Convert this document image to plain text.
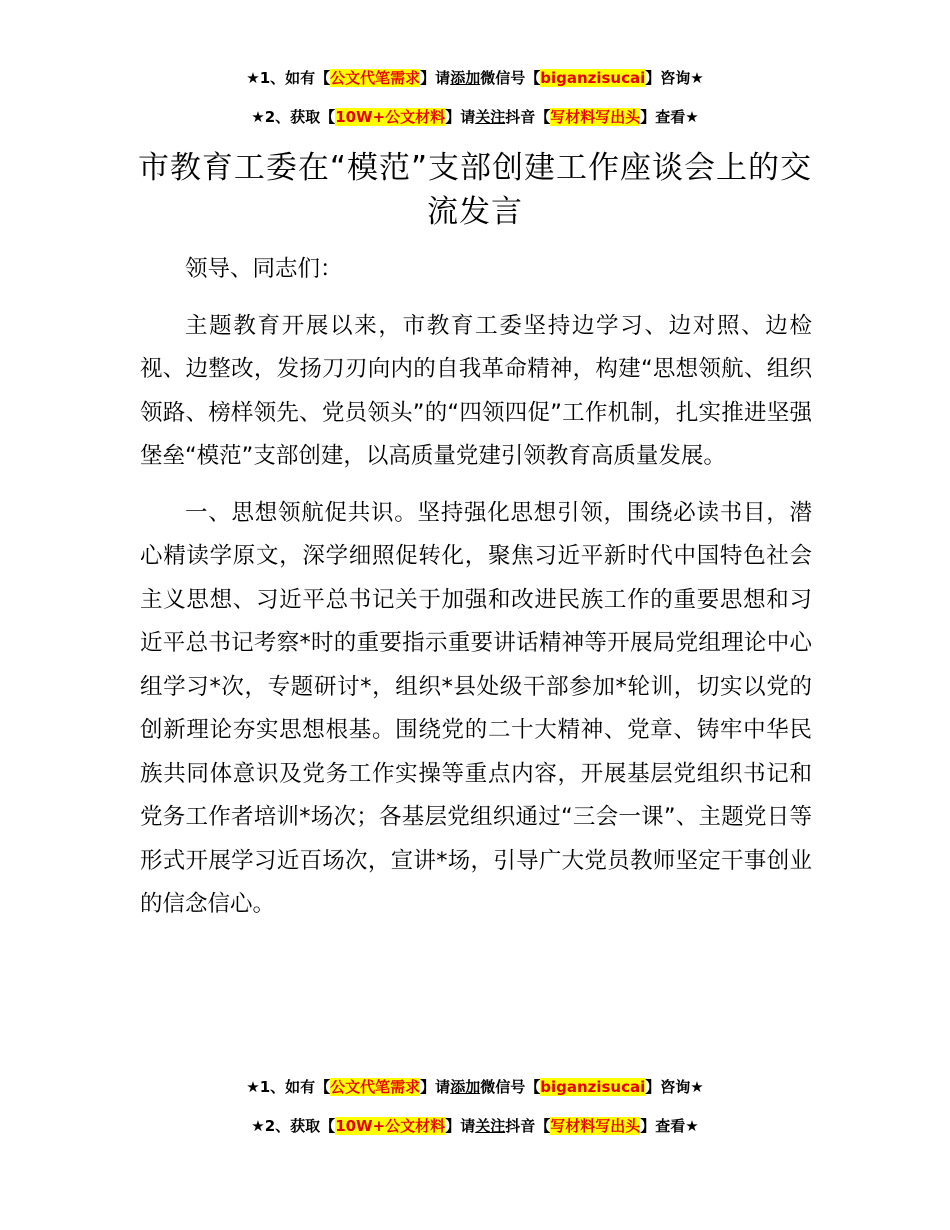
★1、如有【公文代笔需求】请添加微信号【biganzisucai】咨询★
★2、获取【10W+公文材料】请关注抖音【写材料写出头】查看★
市教育工委在“模范”支部创建工作座谈会上的交流发言

领导、同志们：

主题教育开展以来，市教育工委坚持边学习、边对照、边检视、边整改，发扬刀刃向内的自我革命精神，构建“思想领航、组织领路、榜样领先、党员领头”的“四领四促”工作机制，扎实推进坚强堡垒“模范”支部创建，以高质量党建引领教育高质量发展。

一、思想领航促共识。坚持强化思想引领，围绕必读书目，潜心精读学原文，深学细照促转化，聚焦习近平新时代中国特色社会主义思想、习近平总书记关于加强和改进民族工作的重要思想和习近平总书记考察*时的重要指示重要讲话精神等开展局党组理论中心组学习*次，专题研讨*，组织*县处级干部参加*轮训，切实以党的创新理论夯实思想根基。围绕党的二十大精神、党章、铸牢中华民族共同体意识及党务工作实操等重点内容，开展基层党组织书记和党务工作者培训*场次；各基层党组织通过“三会一课”、主题党日等形式开展学习近百场次，宣讲*场，引导广大党员教师坚定干事创业的信念信心。

★1、如有【公文代笔需求】请添加微信号【biganzisucai】咨询★
★2、获取【10W+公文材料】请关注抖音【写材料写出头】查看★
